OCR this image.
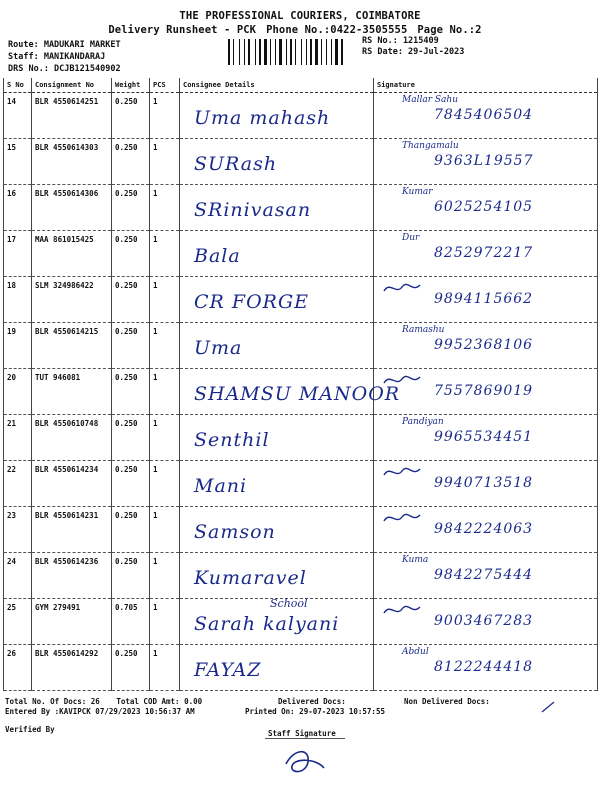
THE PROFESSIONAL COURIERS, COIMBATORE
Delivery Runsheet - PCK Phone No.:0422-3505555 Page No.:2
Route: MADUKARI MARKET
Staff: MANIKANDARAJ
DRS No.: DCJB121540902
RS No.: 1215409
RS Date: 29-Jul-2023
S No	Consignment No	Weight	PCS	Consignee Details	Signature
14	BLR 4550614251	0.250	1	Uma mahash	Mallar Sahu
7845406504

15	BLR 4550614303	0.250	1	SURash	Thangamalu
9363L19557

16	BLR 4550614306	0.250	1	SRinivasan	Kumar
6025254105

17	MAA 861015425	0.250	1	Bala	Dur
8252972217

18	SLM 324986422	0.250	1	CR FORGE	9894115662

19	BLR 4550614215	0.250	1	Uma	Ramashu
9952368106

20	TUT 946081	0.250	1	SHAMSU MANOOR	7557869019

21	BLR 4550610748	0.250	1	Senthil	Pandiyan
9965534451

22	BLR 4550614234	0.250	1	Mani	9940713518

23	BLR 4550614231	0.250	1	Samson	9842224063

24	BLR 4550614236	0.250	1	Kumaravel	Kuma
9842275444

25	GYM 279491	0.705	1	School
Sarah kalyani	9003467283

26	BLR 4550614292	0.250	1	FAYAZ	Abdul
8122244418
Total No. Of Docs: 26 Total COD Amt: 0.00	Delivered Docs:	Non Delivered Docs:
Entered By :KAVIPCK 07/29/2023 10:56:37 AM	Printed On: 29-07-2023 10:57:55
Verified By	Staff Signature
